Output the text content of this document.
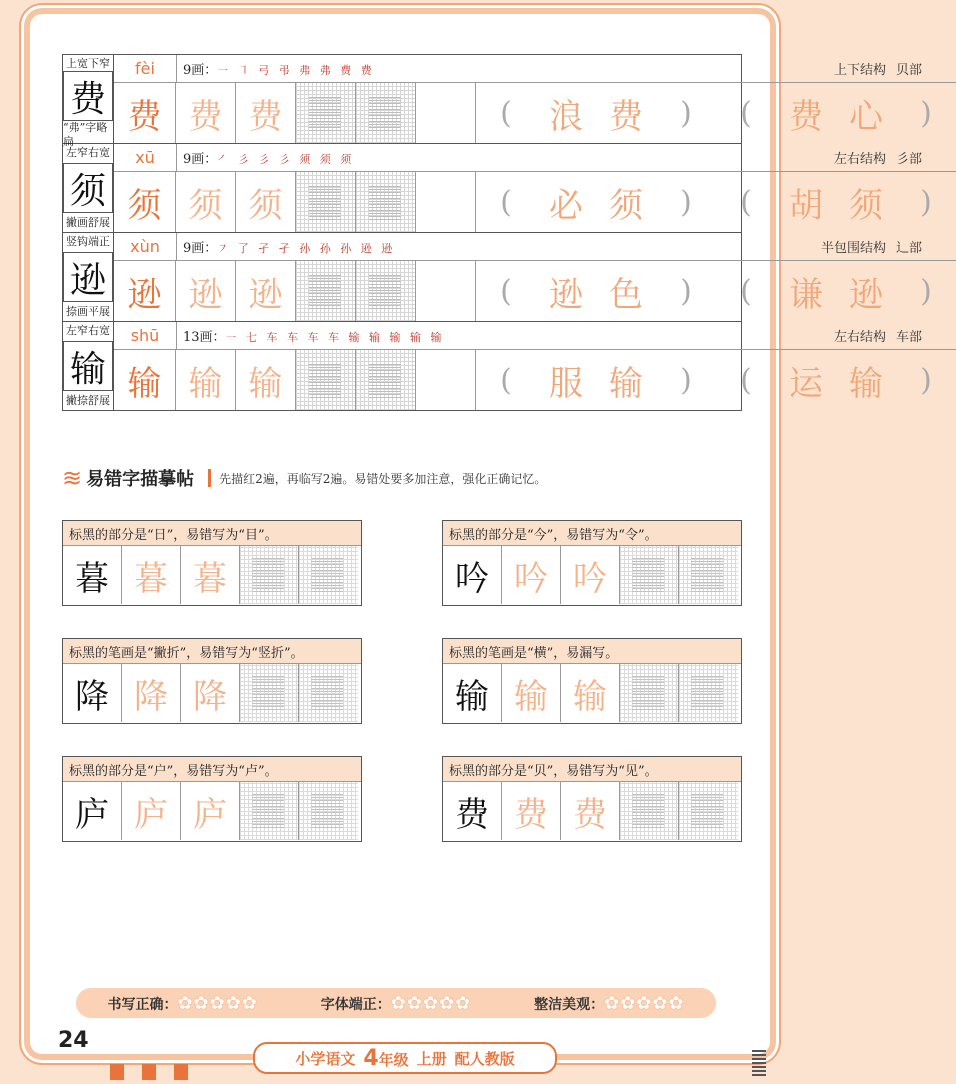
上宽下窄
费
“弗”字略扁
fèi	9画：㇐ ㇕ 弓 弔 弗 弗 费 费	上下结构 贝部
费 费 费	(	浪 费	)	(	费 心	)
左窄右宽
须
撇画舒展
xū	9画：㇒ 彡 彡 彡 须 须 须	左右结构 彡部
须 须 须	(	必 须	)	(	胡 须	)
竖钩端正
逊
捺画平展
xùn	9画：㇇ 了 孑 孑 孙 孙 孙 逊 逊	半包围结构 辶部
逊 逊 逊	(	逊 色	)	(	谦 逊	)
左窄右宽
输
撇捺舒展
shū	13画：㇐ 七 车 车 车 车 输 输 输 输 输	左右结构 车部
输 输 输	(	服 输	)	(	运 输	)
≋ 易错字描摹帖 先描红2遍，再临写2遍。易错处要多加注意，强化正确记忆。
标黑的部分是“日”，易错写为“目”。
暮 暮 暮
标黑的部分是“今”，易错写为“令”。
吟 吟 吟
标黑的笔画是“撇折”，易错写为“竖折”。
降 降 降
标黑的笔画是“横”，易漏写。
输 输 输
标黑的部分是“户”，易错写为“卢”。
庐 庐 庐
标黑的部分是“贝”，易错写为“见”。
费 费 费
书写正确：✿✿✿✿✿	字体端正：✿✿✿✿✿	整洁美观：✿✿✿✿✿
24
小学语文 4年级 上册 配人教版
